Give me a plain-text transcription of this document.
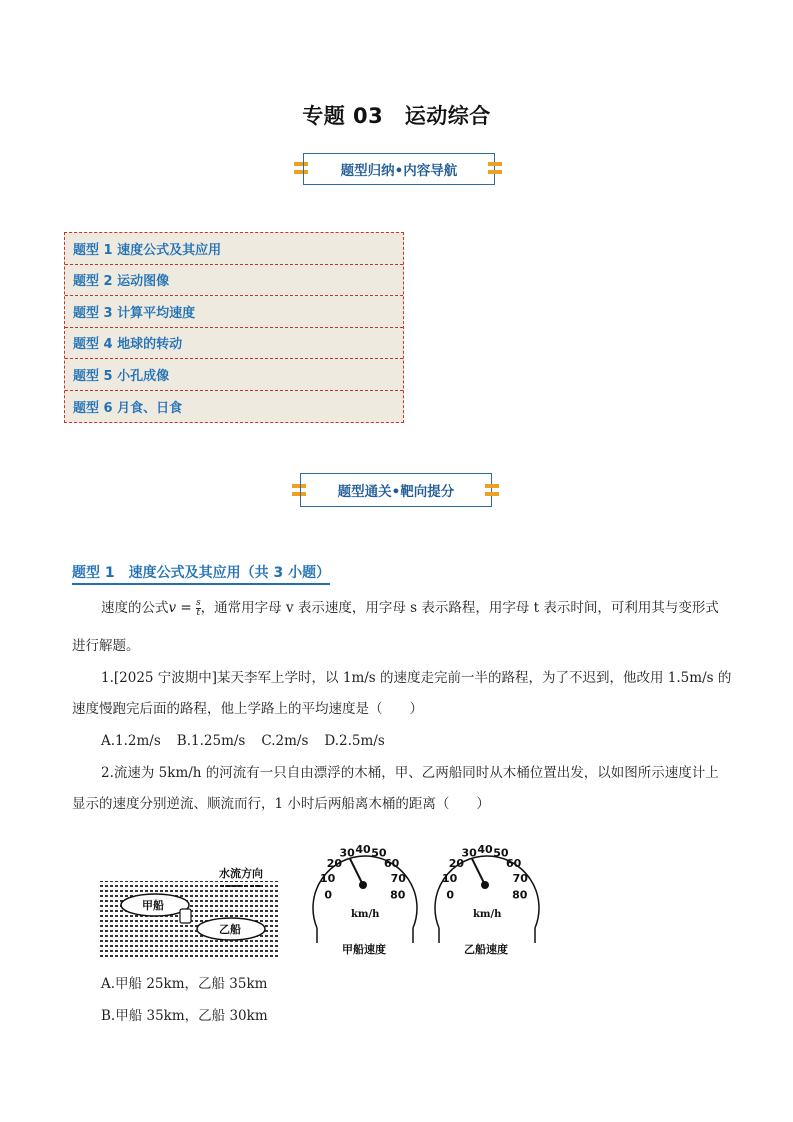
专题 03　运动综合
题型归纳•内容导航
题型 1 速度公式及其应用
题型 2 运动图像
题型 3 计算平均速度
题型 4 地球的转动
题型 5 小孔成像
题型 6 月食、日食
题型通关•靶向提分
题型 1　速度公式及其应用（共 3 小题）
速度的公式$v = \frac{s}{t}$ ，通常用字母 v 表示速度，用字母 s 表示路程，用字母 t 表示时间，可利用其与变形式
进行解题。
1.[2025 宁波期中]某天李军上学时，以 1m/s 的速度走完前一半的路程，为了不迟到，他改用 1.5m/s 的
速度慢跑完后面的路程，他上学路上的平均速度是（　　）
A.1.2m/s B.1.25m/s C.2m/s D.2.5m/s
2.流速为 5km/h 的河流有一只自由漂浮的木桶，甲、乙两船同时从木桶位置出发，以如图所示速度计上
显示的速度分别逆流、顺流而行，1 小时后两船离木桶的距离（　　）
水流方向
甲船
乙船
0
10
20
30 40 50
60
70
80
km/h
甲船速度
0
10
20
30 40 50
60
70
80
km/h
乙船速度
A.甲船 25km，乙船 35km
B.甲船 35km，乙船 30km
